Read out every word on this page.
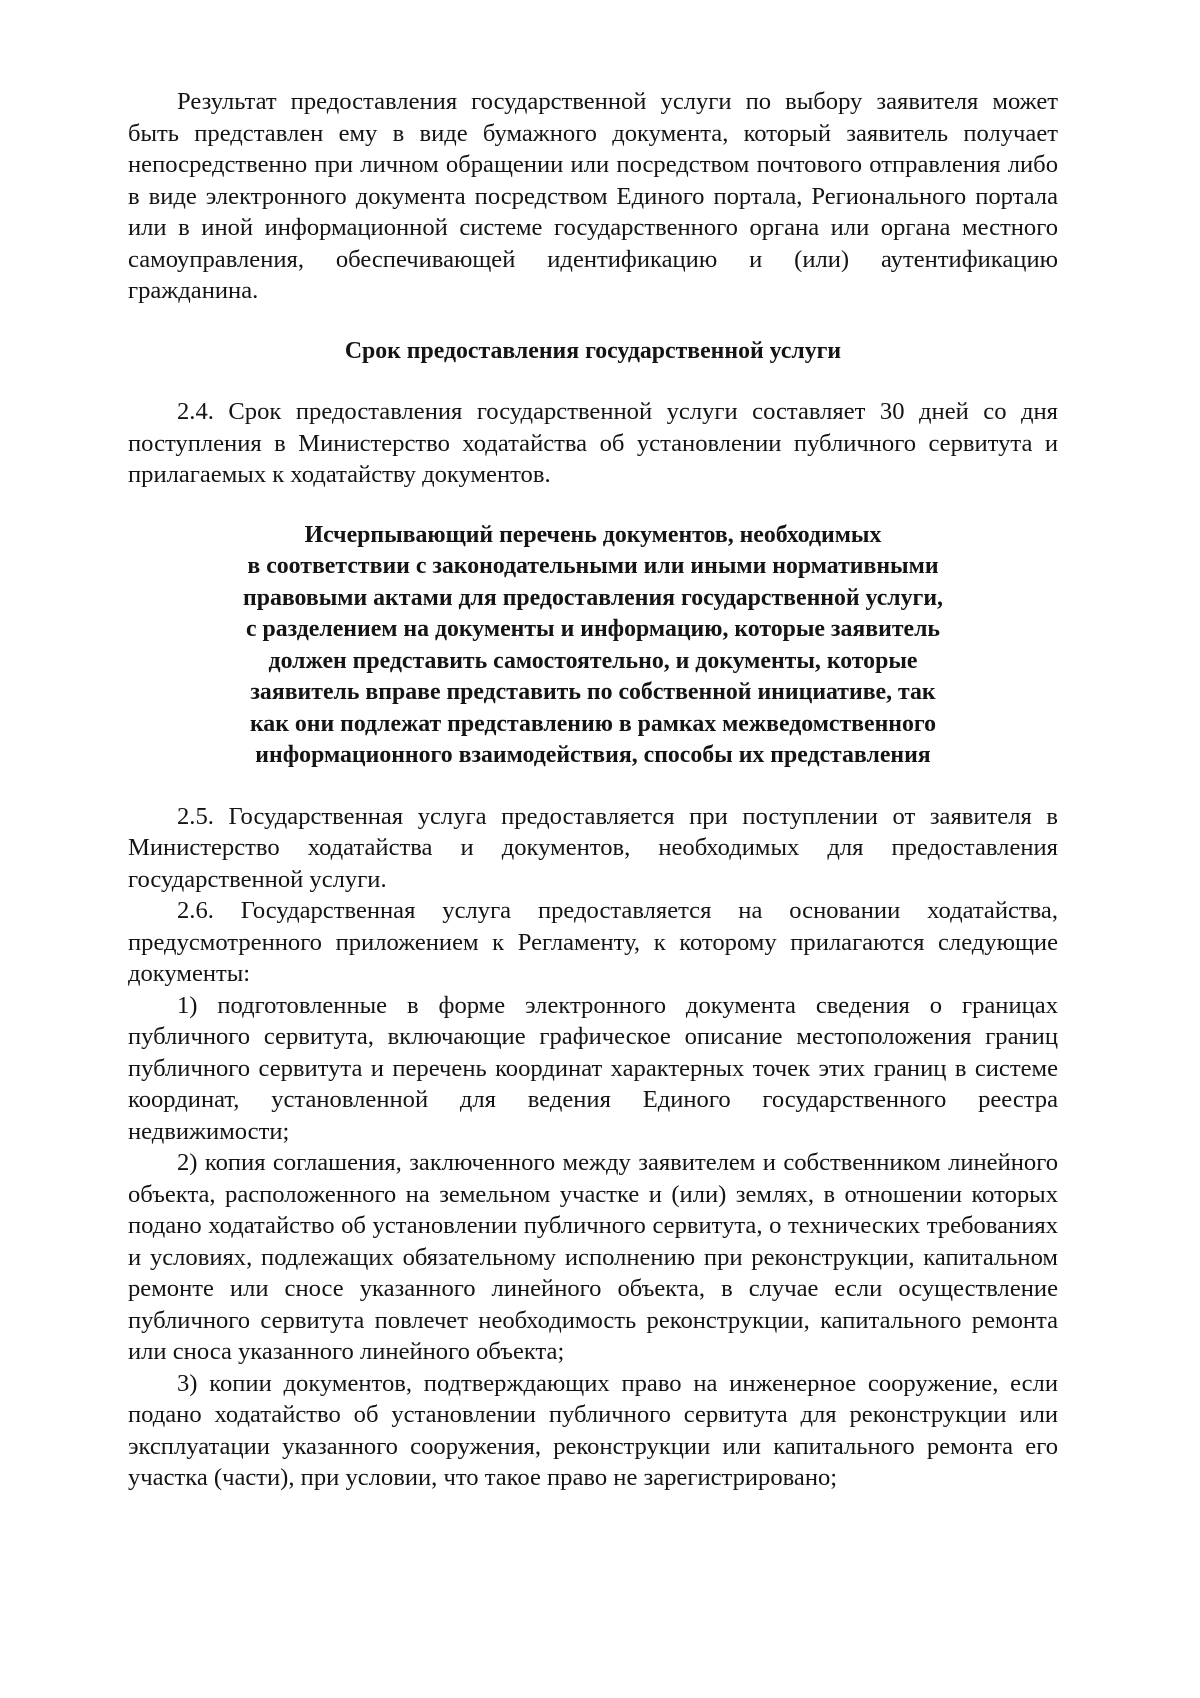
Результат предоставления государственной услуги по выбору заявителя может быть представлен ему в виде бумажного документа, который заявитель получает непосредственно при личном обращении или посредством почтового отправления либо в виде электронного документа посредством Единого портала, Регионального портала или в иной информационной системе государственного органа или органа местного самоуправления, обеспечивающей идентификацию и (или) аутентификацию гражданина.

Срок предоставления государственной услуги

2.4. Срок предоставления государственной услуги составляет 30 дней со дня поступления в Министерство ходатайства об установлении публичного сервитута и прилагаемых к ходатайству документов.

Исчерпывающий перечень документов, необходимых
в соответствии с законодательными или иными нормативными
правовыми актами для предоставления государственной услуги,
с разделением на документы и информацию, которые заявитель
должен представить самостоятельно, и документы, которые
заявитель вправе представить по собственной инициативе, так
как они подлежат представлению в рамках межведомственного
информационного взаимодействия, способы их представления

2.5. Государственная услуга предоставляется при поступлении от заявителя в Министерство ходатайства и документов, необходимых для предоставления государственной услуги.

2.6. Государственная услуга предоставляется на основании ходатайства, предусмотренного приложением к Регламенту, к которому прилагаются следующие документы:

1) подготовленные в форме электронного документа сведения о границах публичного сервитута, включающие графическое описание местоположения границ публичного сервитута и перечень координат характерных точек этих границ в системе координат, установленной для ведения Единого государственного реестра недвижимости;

2) копия соглашения, заключенного между заявителем и собственником линейного объекта, расположенного на земельном участке и (или) землях, в отношении которых подано ходатайство об установлении публичного сервитута, о технических требованиях и условиях, подлежащих обязательному исполнению при реконструкции, капитальном ремонте или сносе указанного линейного объекта, в случае если осуществление публичного сервитута повлечет необходимость реконструкции, капитального ремонта или сноса указанного линейного объекта;

3) копии документов, подтверждающих право на инженерное сооружение, если подано ходатайство об установлении публичного сервитута для реконструкции или эксплуатации указанного сооружения, реконструкции или капитального ремонта его участка (части), при условии, что такое право не зарегистрировано;
